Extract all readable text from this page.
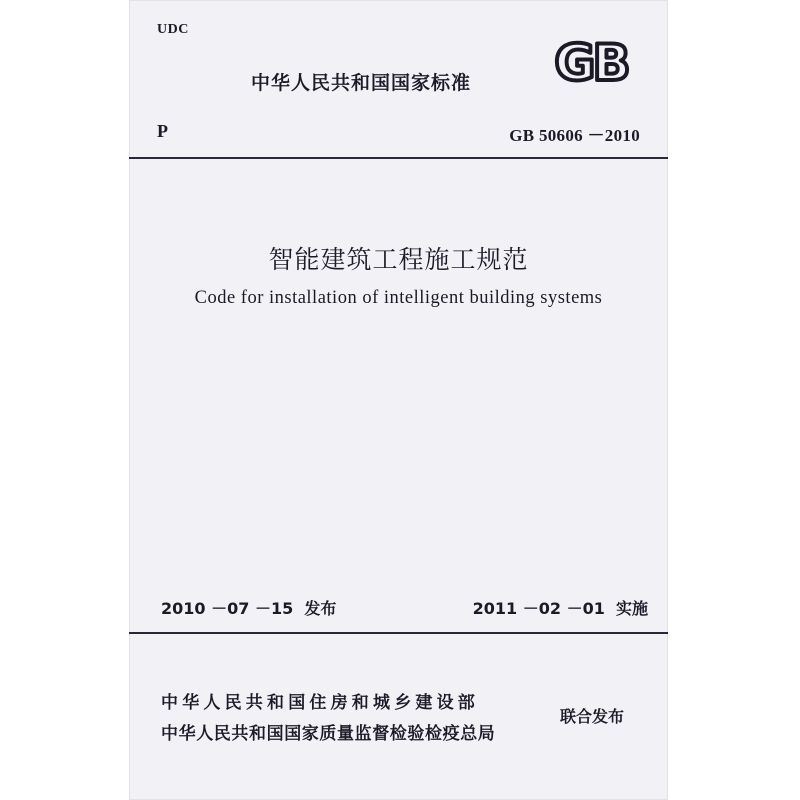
UDC
中华人民共和国国家标准 GB
P	GB 50606 －2010
智能建筑工程施工规范
Code for installation of intelligent building systems
2010 －07 －15  发布	2011 －02 －01  实施
中华人民共和国住房和城乡建设部
中华人民共和国国家质量监督检验检疫总局
联合发布
